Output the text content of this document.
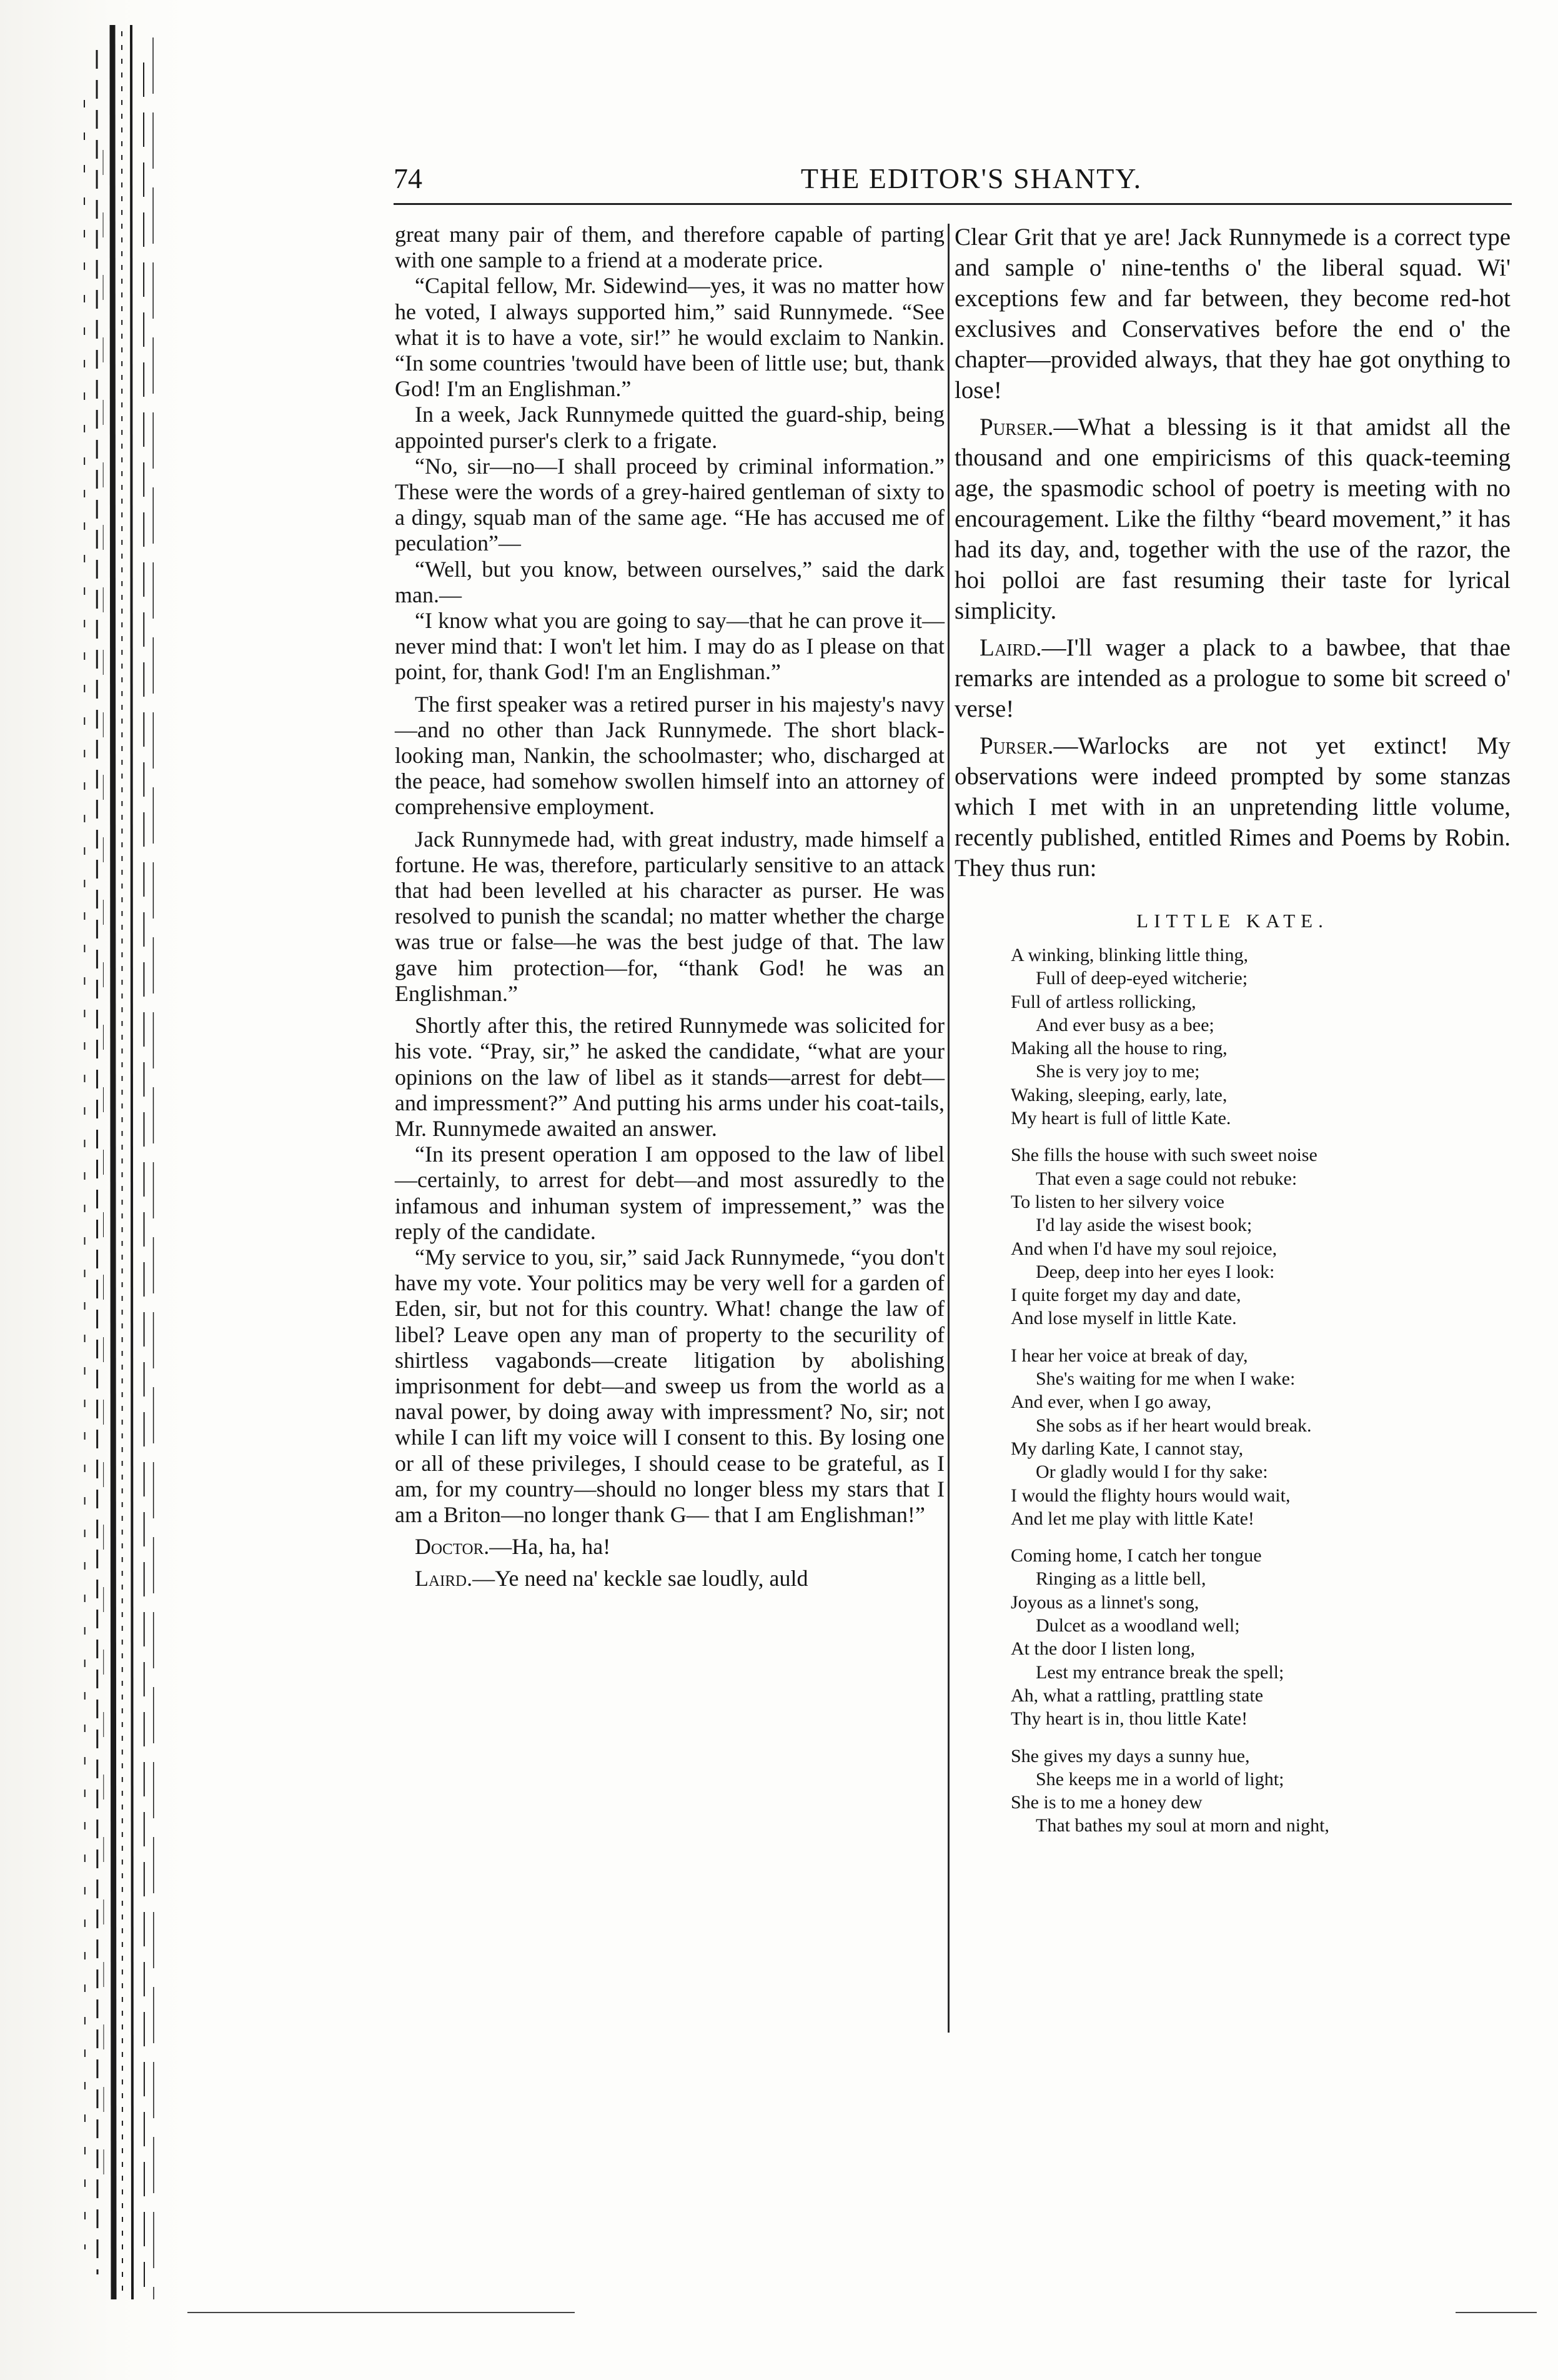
74	THE EDITOR'S SHANTY.

great many pair of them, and therefore capable of parting with one sample to a friend at a moderate price.

“Capital fellow, Mr. Sidewind—yes, it was no matter how he voted, I always supported him,” said Runnymede. “See what it is to have a vote, sir!” he would exclaim to Nankin. “In some countries 'twould have been of little use; but, thank God! I'm an Englishman.”

In a week, Jack Runnymede quitted the guard-ship, being appointed purser's clerk to a frigate.

“No, sir—no—I shall proceed by criminal information.” These were the words of a grey-haired gentleman of sixty to a dingy, squab man of the same age. “He has accused me of peculation”—

“Well, but you know, between ourselves,” said the dark man.—

“I know what you are going to say—that he can prove it—never mind that: I won't let him. I may do as I please on that point, for, thank God! I'm an Englishman.”

The first speaker was a retired purser in his majesty's navy—and no other than Jack Runnymede. The short black-looking man, Nankin, the schoolmaster; who, discharged at the peace, had somehow swollen himself into an attorney of comprehensive employment.

Jack Runnymede had, with great industry, made himself a fortune. He was, therefore, particularly sensitive to an attack that had been levelled at his character as purser. He was resolved to punish the scandal; no matter whether the charge was true or false—he was the best judge of that. The law gave him protection—for, “thank God! he was an Englishman.”

Shortly after this, the retired Runnymede was solicited for his vote. “Pray, sir,” he asked the candidate, “what are your opinions on the law of libel as it stands—arrest for debt—and impressment?” And putting his arms under his coat-tails, Mr. Runnymede awaited an answer.

“In its present operation I am opposed to the law of libel—certainly, to arrest for debt—and most assuredly to the infamous and inhuman system of impressement,” was the reply of the candidate.

“My service to you, sir,” said Jack Runnymede, “you don't have my vote. Your politics may be very well for a garden of Eden, sir, but not for this country. What! change the law of libel? Leave open any man of property to the securility of shirtless vagabonds—create litigation by abolishing imprisonment for debt—and sweep us from the world as a naval power, by doing away with impressment? No, sir; not while I can lift my voice will I consent to this. By losing one or all of these privileges, I should cease to be grateful, as I am, for my country—should no longer bless my stars that I am a Briton—no longer thank G— that I am Englishman!”

Doctor.—Ha, ha, ha!

Laird.—Ye need na' keckle sae loudly, auld

Clear Grit that ye are! Jack Runnymede is a correct type and sample o' nine-tenths o' the liberal squad. Wi' exceptions few and far between, they become red-hot exclusives and Conservatives before the end o' the chapter—provided always, that they hae got onything to lose!

Purser.—What a blessing is it that amidst all the thousand and one empiricisms of this quack-teeming age, the spasmodic school of poetry is meeting with no encouragement. Like the filthy “beard movement,” it has had its day, and, together with the use of the razor, the hoi polloi are fast resuming their taste for lyrical simplicity.

Laird.—I'll wager a plack to a bawbee, that thae remarks are intended as a prologue to some bit screed o' verse!

Purser.—Warlocks are not yet extinct! My observations were indeed prompted by some stanzas which I met with in an unpretending little volume, recently published, entitled Rimes and Poems by Robin. They thus run:

LITTLE KATE.
A winking, blinking little thing,
Full of deep-eyed witcherie;
Full of artless rollicking,
And ever busy as a bee;
Making all the house to ring,
She is very joy to me;
Waking, sleeping, early, late,
My heart is full of little Kate.
She fills the house with such sweet noise
That even a sage could not rebuke:
To listen to her silvery voice
I'd lay aside the wisest book;
And when I'd have my soul rejoice,
Deep, deep into her eyes I look:
I quite forget my day and date,
And lose myself in little Kate.
I hear her voice at break of day,
She's waiting for me when I wake:
And ever, when I go away,
She sobs as if her heart would break.
My darling Kate, I cannot stay,
Or gladly would I for thy sake:
I would the flighty hours would wait,
And let me play with little Kate!
Coming home, I catch her tongue
Ringing as a little bell,
Joyous as a linnet's song,
Dulcet as a woodland well;
At the door I listen long,
Lest my entrance break the spell;
Ah, what a rattling, prattling state
Thy heart is in, thou little Kate!
She gives my days a sunny hue,
She keeps me in a world of light;
She is to me a honey dew
That bathes my soul at morn and night,
